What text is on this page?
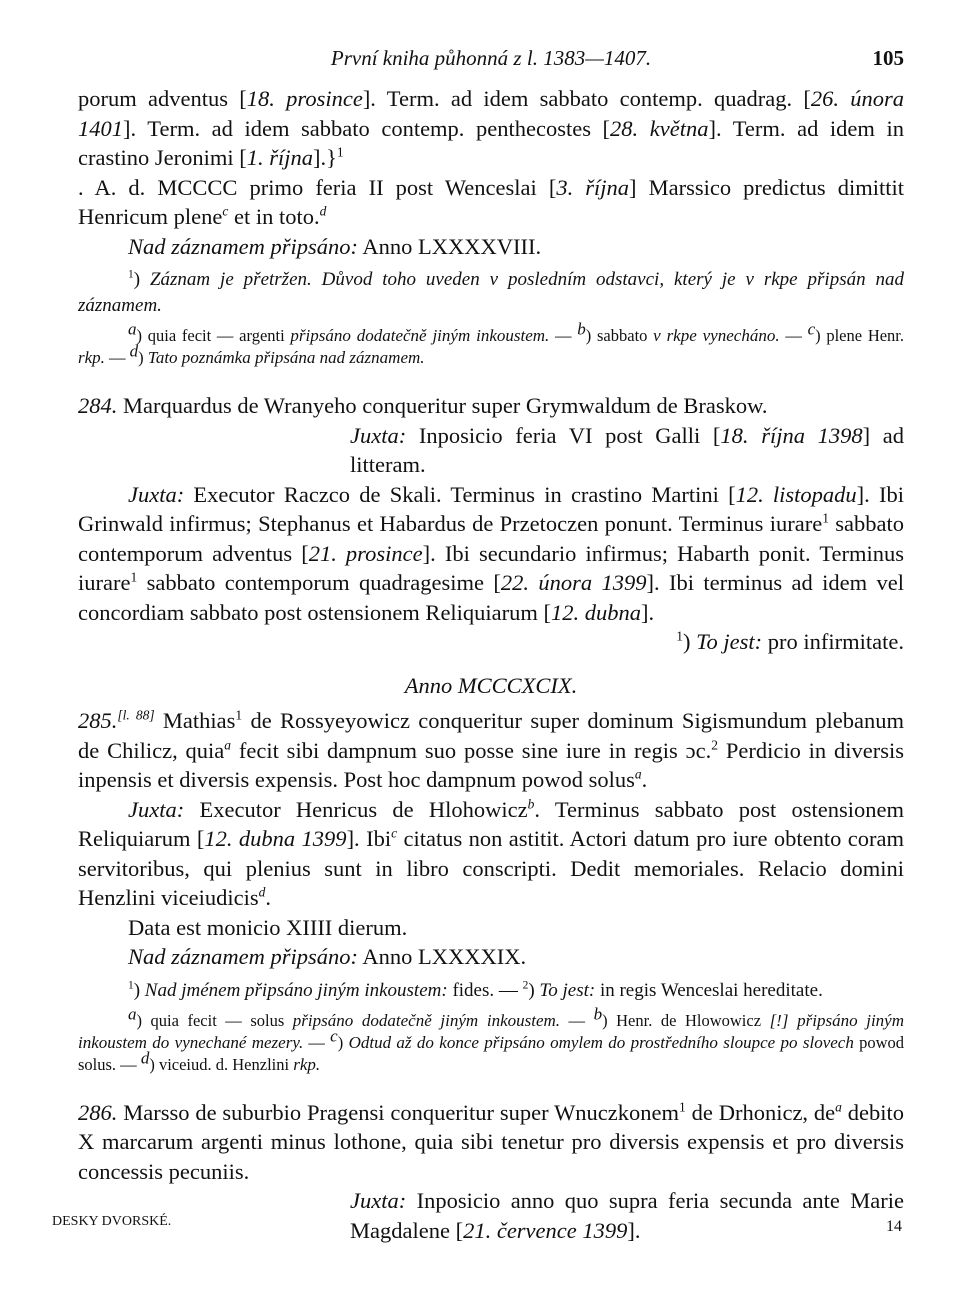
První kniha půhonná z l. 1383—1407.	105

porum adventus [18. prosince]. Term. ad idem sabbato contemp. quadrag. [26. února 1401]. Term. ad idem sabbato contemp. penthecostes [28. května]. Term. ad idem in crastino Jeronimi [1. října].}$^1$

. A. d. MCCCC primo feria II post Wenceslai [3. října] Marssico predictus dimittit Henricum plene$^c$ et in toto.$^d$

Nad záznamem připsáno: Anno LXXXXVIII.

$^1$) Záznam je přetržen. Důvod toho uveden v posledním odstavci, který je v rkpe připsán nad záznamem.

$^a$) quia fecit — argenti připsáno dodatečně jiným inkoustem. — $^b$) sabbato v rkpe vynecháno. — $^c$) plene Henr. rkp. — $^d$) Tato poznámka připsána nad záznamem.

284. Marquardus de Wranyeho conqueritur super Grymwaldum de Braskow.

Juxta: Inposicio feria VI post Galli [18. října 1398] ad litteram.

Juxta: Executor Raczco de Skali. Terminus in crastino Martini [12. listopadu]. Ibi Grinwald infirmus; Stephanus et Habardus de Przetoczen ponunt. Terminus iurare$^1$ sabbato contemporum adventus [21. prosince]. Ibi secundario infirmus; Habarth ponit. Terminus iurare$^1$ sabbato contemporum quadragesime [22. února 1399]. Ibi terminus ad idem vel concordiam sabbato post ostensionem Reliquiarum [12. dubna].

$^1$) To jest: pro infirmitate.

Anno MCCCXCIX.

285.[l. 88] Mathias$^1$ de Rossyeyowicz conqueritur super dominum Sigismundum plebanum de Chilicz, quia$^a$ fecit sibi dampnum suo posse sine iure in regis ɔc.$^2$ Perdicio in diversis inpensis et diversis expensis. Post hoc dampnum powod solus$^a$.

Juxta: Executor Henricus de Hlohowicz$^b$. Terminus sabbato post ostensionem Reliquiarum [12. dubna 1399]. Ibi$^c$ citatus non astitit. Actori datum pro iure obtento coram servitoribus, qui plenius sunt in libro conscripti. Dedit memoriales. Relacio domini Henzlini viceiudicis$^d$.

Data est monicio XIIII dierum.

Nad záznamem připsáno: Anno LXXXXIX.

$^1$) Nad jménem připsáno jiným inkoustem: fides. — $^2$) To jest: in regis Wenceslai hereditate.

$^a$) quia fecit — solus připsáno dodatečně jiným inkoustem. — $^b$) Henr. de Hlowowicz [!] připsáno jiným inkoustem do vynechané mezery. — $^c$) Odtud až do konce připsáno omylem do prostředního sloupce po slovech powod solus. — $^d$) viceiud. d. Henzlini rkp.

286. Marsso de suburbio Pragensi conqueritur super Wnuczkonem$^1$ de Drhonicz, $de^a$ debito X marcarum argenti minus lothone, quia sibi tenetur pro diversis expensis et pro diversis concessis pecuniis.

Juxta: Inposicio anno quo supra feria secunda ante Marie Magdalene [21. července 1399].

DESKY DVORSKÉ.	14
